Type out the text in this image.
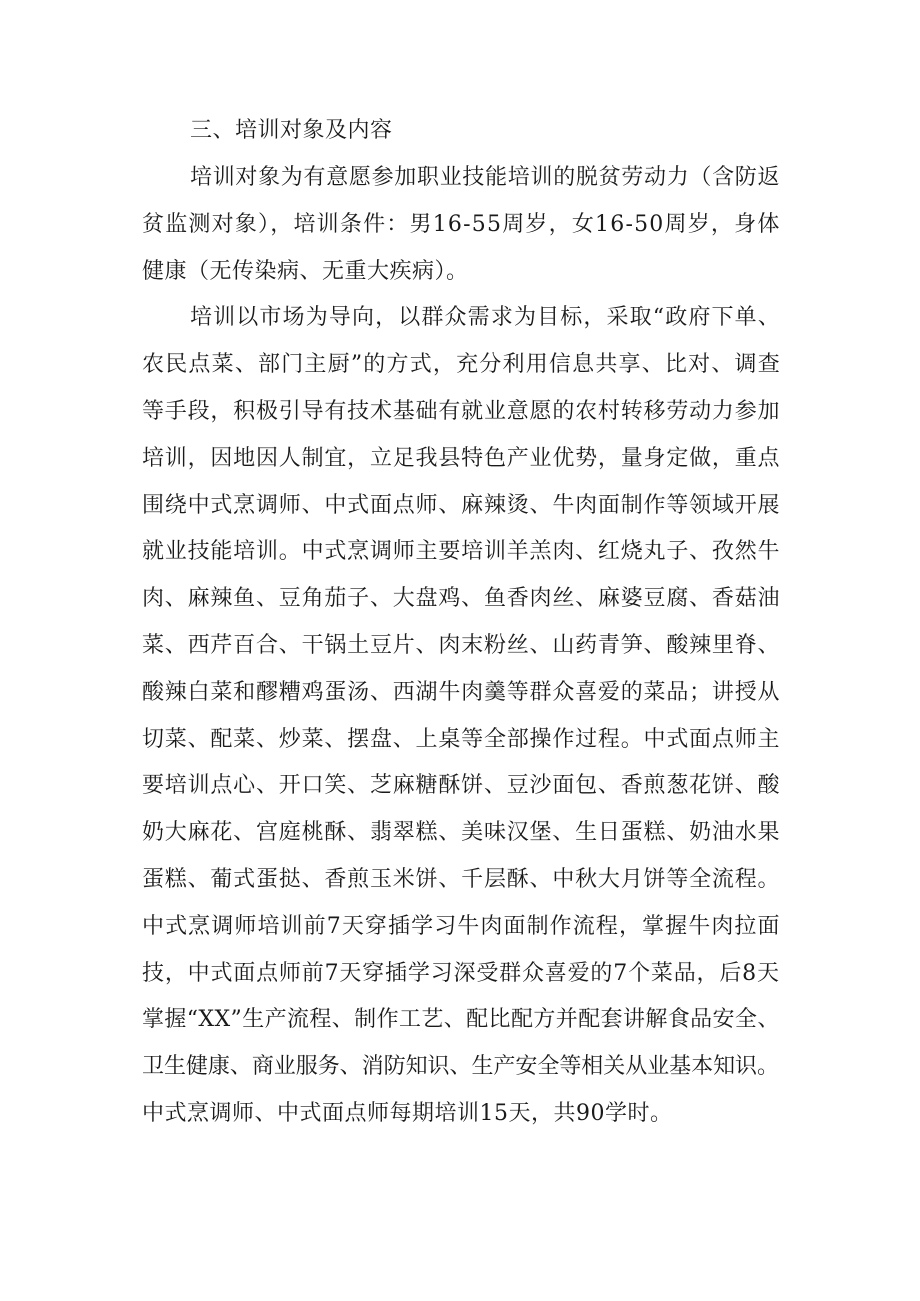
三、培训对象及内容
培训对象为有意愿参加职业技能培训的脱贫劳动力（含防返
贫监测对象），培训条件：男16-55周岁，女16-50周岁，身体
健康（无传染病、无重大疾病）。
培训以市场为导向，以群众需求为目标，采取“政府下单、
农民点菜、部门主厨”的方式，充分利用信息共享、比对、调查
等手段，积极引导有技术基础有就业意愿的农村转移劳动力参加
培训，因地因人制宜，立足我县特色产业优势，量身定做，重点
围绕中式烹调师、中式面点师、麻辣烫、牛肉面制作等领域开展
就业技能培训。中式烹调师主要培训羊羔肉、红烧丸子、孜然牛
肉、麻辣鱼、豆角茄子、大盘鸡、鱼香肉丝、麻婆豆腐、香菇油
菜、西芹百合、干锅土豆片、肉末粉丝、山药青笋、酸辣里脊、
酸辣白菜和醪糟鸡蛋汤、西湖牛肉羹等群众喜爱的菜品；讲授从
切菜、配菜、炒菜、摆盘、上桌等全部操作过程。中式面点师主
要培训点心、开口笑、芝麻糖酥饼、豆沙面包、香煎葱花饼、酸
奶大麻花、宫庭桃酥、翡翠糕、美味汉堡、生日蛋糕、奶油水果
蛋糕、葡式蛋挞、香煎玉米饼、千层酥、中秋大月饼等全流程。
中式烹调师培训前7天穿插学习牛肉面制作流程，掌握牛肉拉面
技，中式面点师前7天穿插学习深受群众喜爱的7个菜品，后8天
掌握“XX”生产流程、制作工艺、配比配方并配套讲解食品安全、
卫生健康、商业服务、消防知识、生产安全等相关从业基本知识。
中式烹调师、中式面点师每期培训15天，共90学时。
